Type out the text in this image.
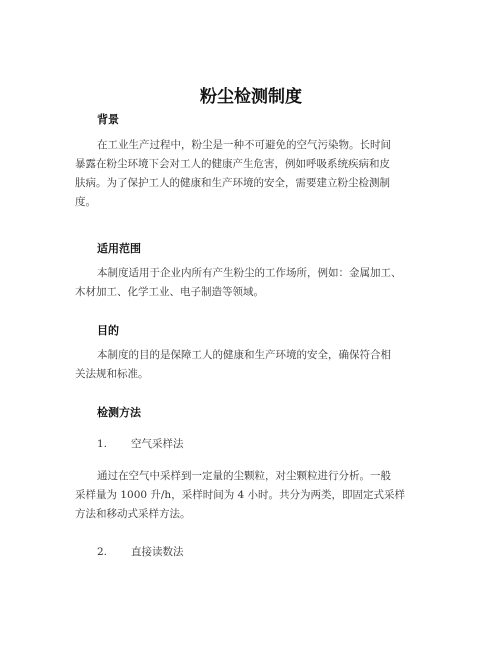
粉尘检测制度
背景
在工业生产过程中，粉尘是一种不可避免的空气污染物。长时间
暴露在粉尘环境下会对工人的健康产生危害，例如呼吸系统疾病和皮
肤病。为了保护工人的健康和生产环境的安全，需要建立粉尘检测制
度。
适用范围
本制度适用于企业内所有产生粉尘的工作场所，例如：金属加工、
木材加工、化学工业、电子制造等领域。
目的
本制度的目的是保障工人的健康和生产环境的安全，确保符合相
关法规和标准。
检测方法
1. 空气采样法
通过在空气中采样到一定量的尘颗粒，对尘颗粒进行分析。一般
采样量为 1000 升/h，采样时间为 4 小时。共分为两类，即固定式采样
方法和移动式采样方法。
2. 直接读数法
